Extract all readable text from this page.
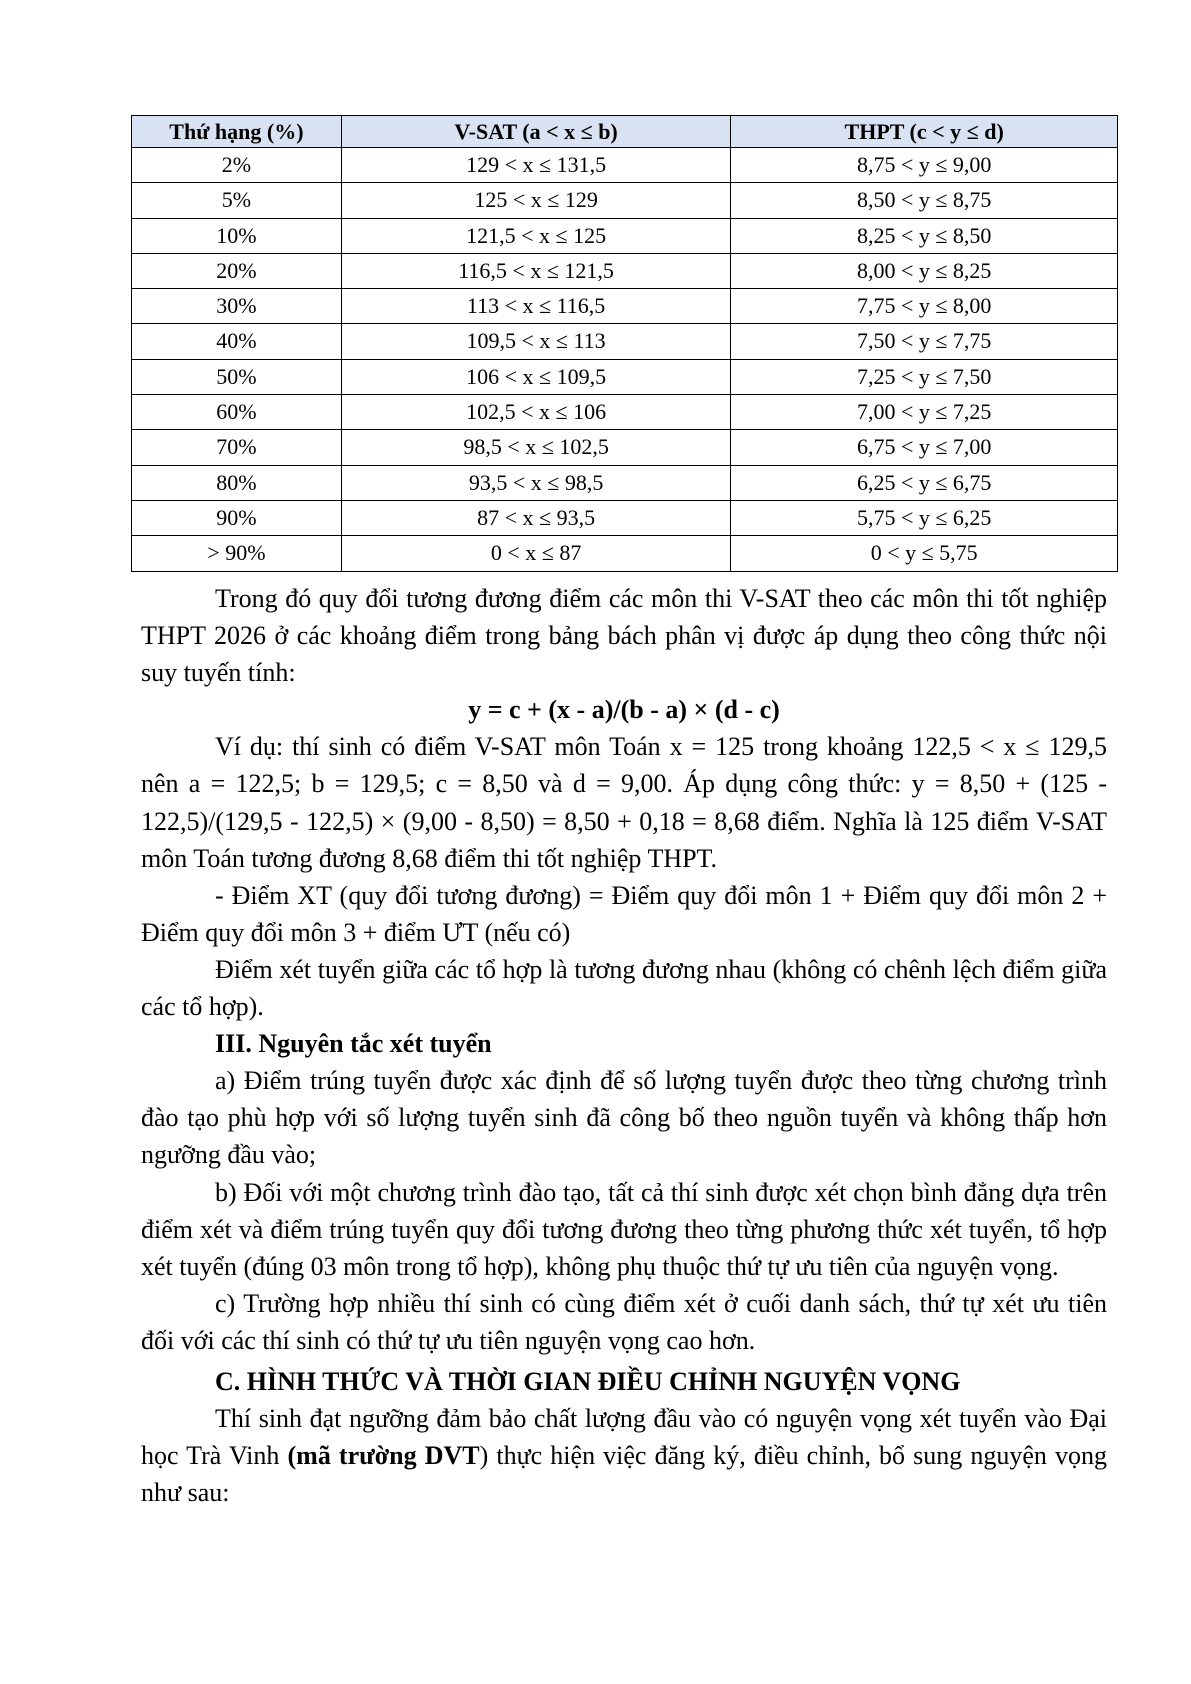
Thứ hạng (%)	V-SAT (a < x ≤ b)	THPT (c < y ≤ d)
2%	129 < x ≤ 131,5	8,75 < y ≤ 9,00
5%	125 < x ≤ 129	8,50 < y ≤ 8,75
10%	121,5 < x ≤ 125	8,25 < y ≤ 8,50
20%	116,5 < x ≤ 121,5	8,00 < y ≤ 8,25
30%	113 < x ≤ 116,5	7,75 < y ≤ 8,00
40%	109,5 < x ≤ 113	7,50 < y ≤ 7,75
50%	106 < x ≤ 109,5	7,25 < y ≤ 7,50
60%	102,5 < x ≤ 106	7,00 < y ≤ 7,25
70%	98,5 < x ≤ 102,5	6,75 < y ≤ 7,00
80%	93,5 < x ≤ 98,5	6,25 < y ≤ 6,75
90%	87 < x ≤ 93,5	5,75 < y ≤ 6,25
> 90%	0 < x ≤ 87	0 < y ≤ 5,75

Trong đó quy đổi tương đương điểm các môn thi V-SAT theo các môn thi tốt nghiệp THPT 2026 ở các khoảng điểm trong bảng bách phân vị được áp dụng theo công thức nội suy tuyến tính:

y = c + (x - a)/(b - a) × (d - c)

Ví dụ: thí sinh có điểm V-SAT môn Toán x = 125 trong khoảng 122,5 < x ≤ 129,5 nên a = 122,5; b = 129,5; c = 8,50 và d = 9,00. Áp dụng công thức: y = 8,50 + (125 - 122,5)/(129,5 - 122,5) × (9,00 - 8,50) = 8,50 + 0,18 = 8,68 điểm. Nghĩa là 125 điểm V-SAT môn Toán tương đương 8,68 điểm thi tốt nghiệp THPT.

- Điểm XT (quy đổi tương đương) = Điểm quy đổi môn 1 + Điểm quy đổi môn 2 + Điểm quy đổi môn 3 + điểm ƯT (nếu có)

Điểm xét tuyển giữa các tổ hợp là tương đương nhau (không có chênh lệch điểm giữa các tổ hợp).

III. Nguyên tắc xét tuyển

a) Điểm trúng tuyển được xác định để số lượng tuyển được theo từng chương trình đào tạo phù hợp với số lượng tuyển sinh đã công bố theo nguồn tuyển và không thấp hơn ngưỡng đầu vào;

b) Đối với một chương trình đào tạo, tất cả thí sinh được xét chọn bình đẳng dựa trên điểm xét và điểm trúng tuyển quy đổi tương đương theo từng phương thức xét tuyển, tổ hợp xét tuyển (đúng 03 môn trong tổ hợp), không phụ thuộc thứ tự ưu tiên của nguyện vọng.

c) Trường hợp nhiều thí sinh có cùng điểm xét ở cuối danh sách, thứ tự xét ưu tiên đối với các thí sinh có thứ tự ưu tiên nguyện vọng cao hơn.

C. HÌNH THỨC VÀ THỜI GIAN ĐIỀU CHỈNH NGUYỆN VỌNG

Thí sinh đạt ngưỡng đảm bảo chất lượng đầu vào có nguyện vọng xét tuyển vào Đại học Trà Vinh (mã trường DVT) thực hiện việc đăng ký, điều chỉnh, bổ sung nguyện vọng như sau:
